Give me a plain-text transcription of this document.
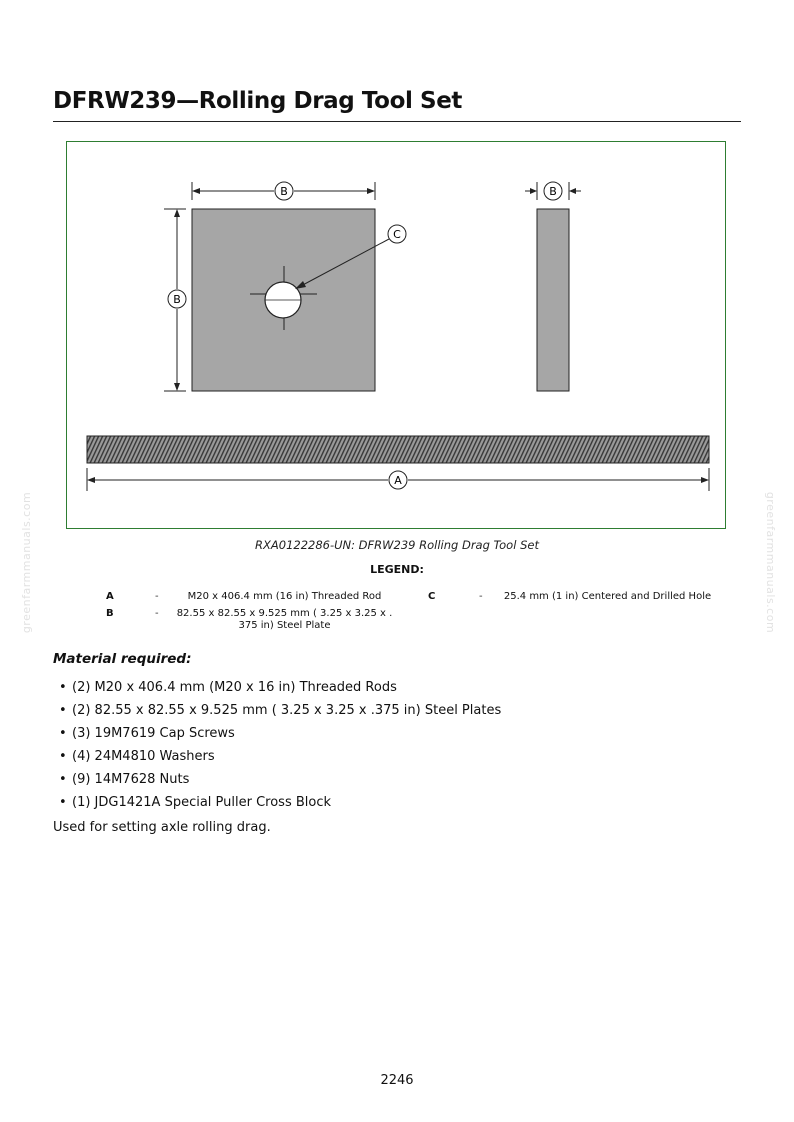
DFRW239—Rolling Drag Tool Set
B
B
C
B
A
RXA0122286-UN: DFRW239 Rolling Drag Tool Set
LEGEND:
A	-	M20 x 406.4 mm (16 in) Threaded Rod
B	-	82.55 x 82.55 x 9.525 mm ( 3.25 x 3.25 x .
375 in) Steel Plate
C	-	25.4 mm (1 in) Centered and Drilled Hole
Material required:
• (2) M20 x 406.4 mm (M20 x 16 in) Threaded Rods
• (2) 82.55 x 82.55 x 9.525 mm ( 3.25 x 3.25 x .375 in) Steel Plates
• (3) 19M7619 Cap Screws
• (4) 24M4810 Washers
• (9) 14M7628 Nuts
• (1) JDG1421A Special Puller Cross Block

Used for setting axle rolling drag.

2246
greenfarmmanuals.com	greenfarmmanuals.com
